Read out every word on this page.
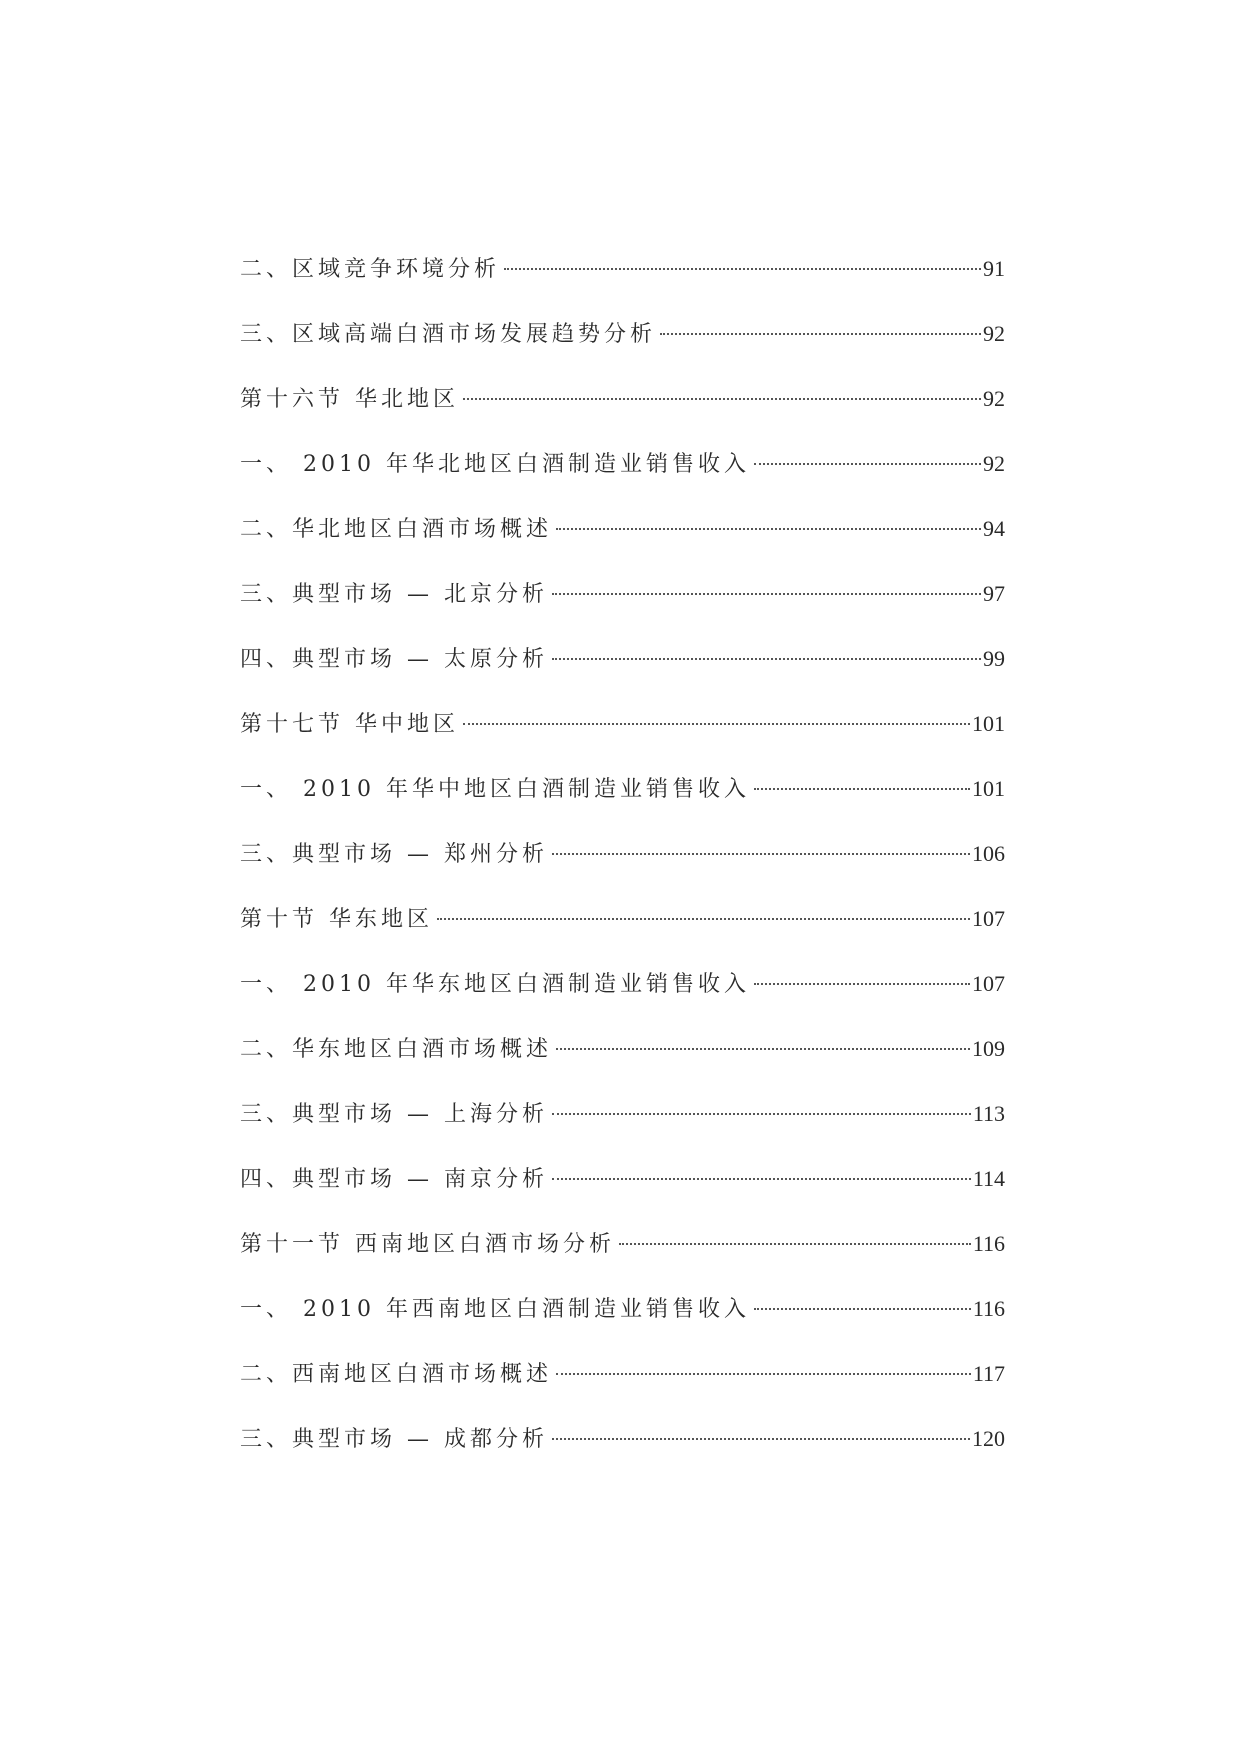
二、区域竞争环境分析	91
三、区域高端白酒市场发展趋势分析	92
第十六节 华北地区	92
一、 2010 年华北地区白酒制造业销售收入	92
二、华北地区白酒市场概述	94
三、典型市场 — 北京分析	97
四、典型市场 — 太原分析	99
第十七节 华中地区	101
一、 2010 年华中地区白酒制造业销售收入	101
三、典型市场 — 郑州分析	106
第十节 华东地区	107
一、 2010 年华东地区白酒制造业销售收入	107
二、华东地区白酒市场概述	109
三、典型市场 — 上海分析	113
四、典型市场 — 南京分析	114
第十一节 西南地区白酒市场分析	116
一、 2010 年西南地区白酒制造业销售收入	116
二、西南地区白酒市场概述	117
三、典型市场 — 成都分析	120
